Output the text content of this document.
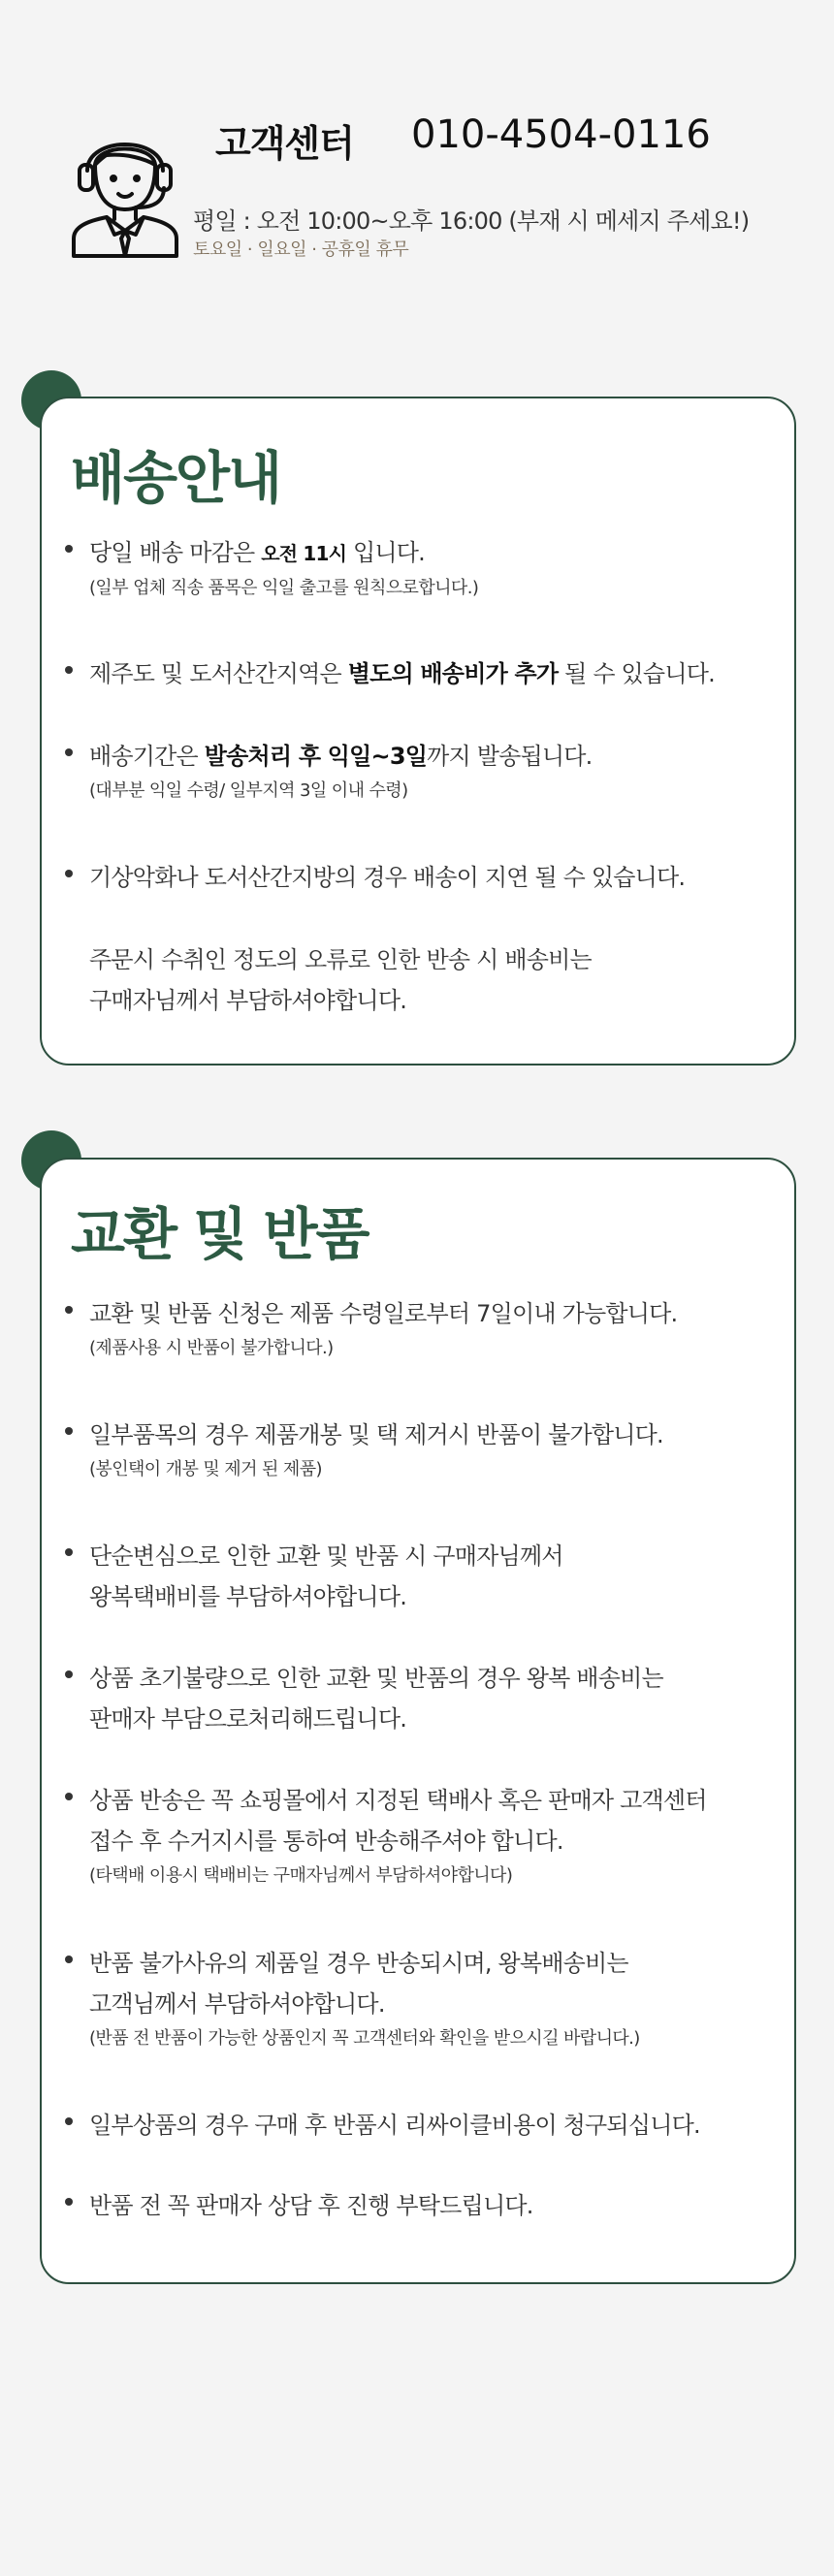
고객센터 010-4504-0116
평일 : 오전 10:00~오후 16:00 (부재 시 메세지 주세요!)
토요일 · 일요일 · 공휴일 휴무
배송안내
당일 배송 마감은 오전 11시 입니다.
(일부 업체 직송 품목은 익일 출고를 원칙으로합니다.)
제주도 및 도서산간지역은 별도의 배송비가 추가 될 수 있습니다.
배송기간은 발송처리 후 익일~3일까지 발송됩니다.
(대부분 익일 수령/ 일부지역 3일 이내 수령)
기상악화나 도서산간지방의 경우 배송이 지연 될 수 있습니다.
주문시 수취인 정도의 오류로 인한 반송 시 배송비는
구매자님께서 부담하셔야합니다.
교환 및 반품
교환 및 반품 신청은 제품 수령일로부터 7일이내 가능합니다.
(제품사용 시 반품이 불가합니다.)
일부품목의 경우 제품개봉 및 택 제거시 반품이 불가합니다.
(봉인택이 개봉 및 제거 된 제품)
단순변심으로 인한 교환 및 반품 시 구매자님께서
왕복택배비를 부담하셔야합니다.
상품 초기불량으로 인한 교환 및 반품의 경우 왕복 배송비는
판매자 부담으로처리해드립니다.
상품 반송은 꼭 쇼핑몰에서 지정된 택배사 혹은 판매자 고객센터
접수 후 수거지시를 통하여 반송해주셔야 합니다.
(타택배 이용시 택배비는 구매자님께서 부담하셔야합니다)
반품 불가사유의 제품일 경우 반송되시며, 왕복배송비는
고객님께서 부담하셔야합니다.
(반품 전 반품이 가능한 상품인지 꼭 고객센터와 확인을 받으시길 바랍니다.)
일부상품의 경우 구매 후 반품시 리싸이클비용이 청구되십니다.
반품 전 꼭 판매자 상담 후 진행 부탁드립니다.
